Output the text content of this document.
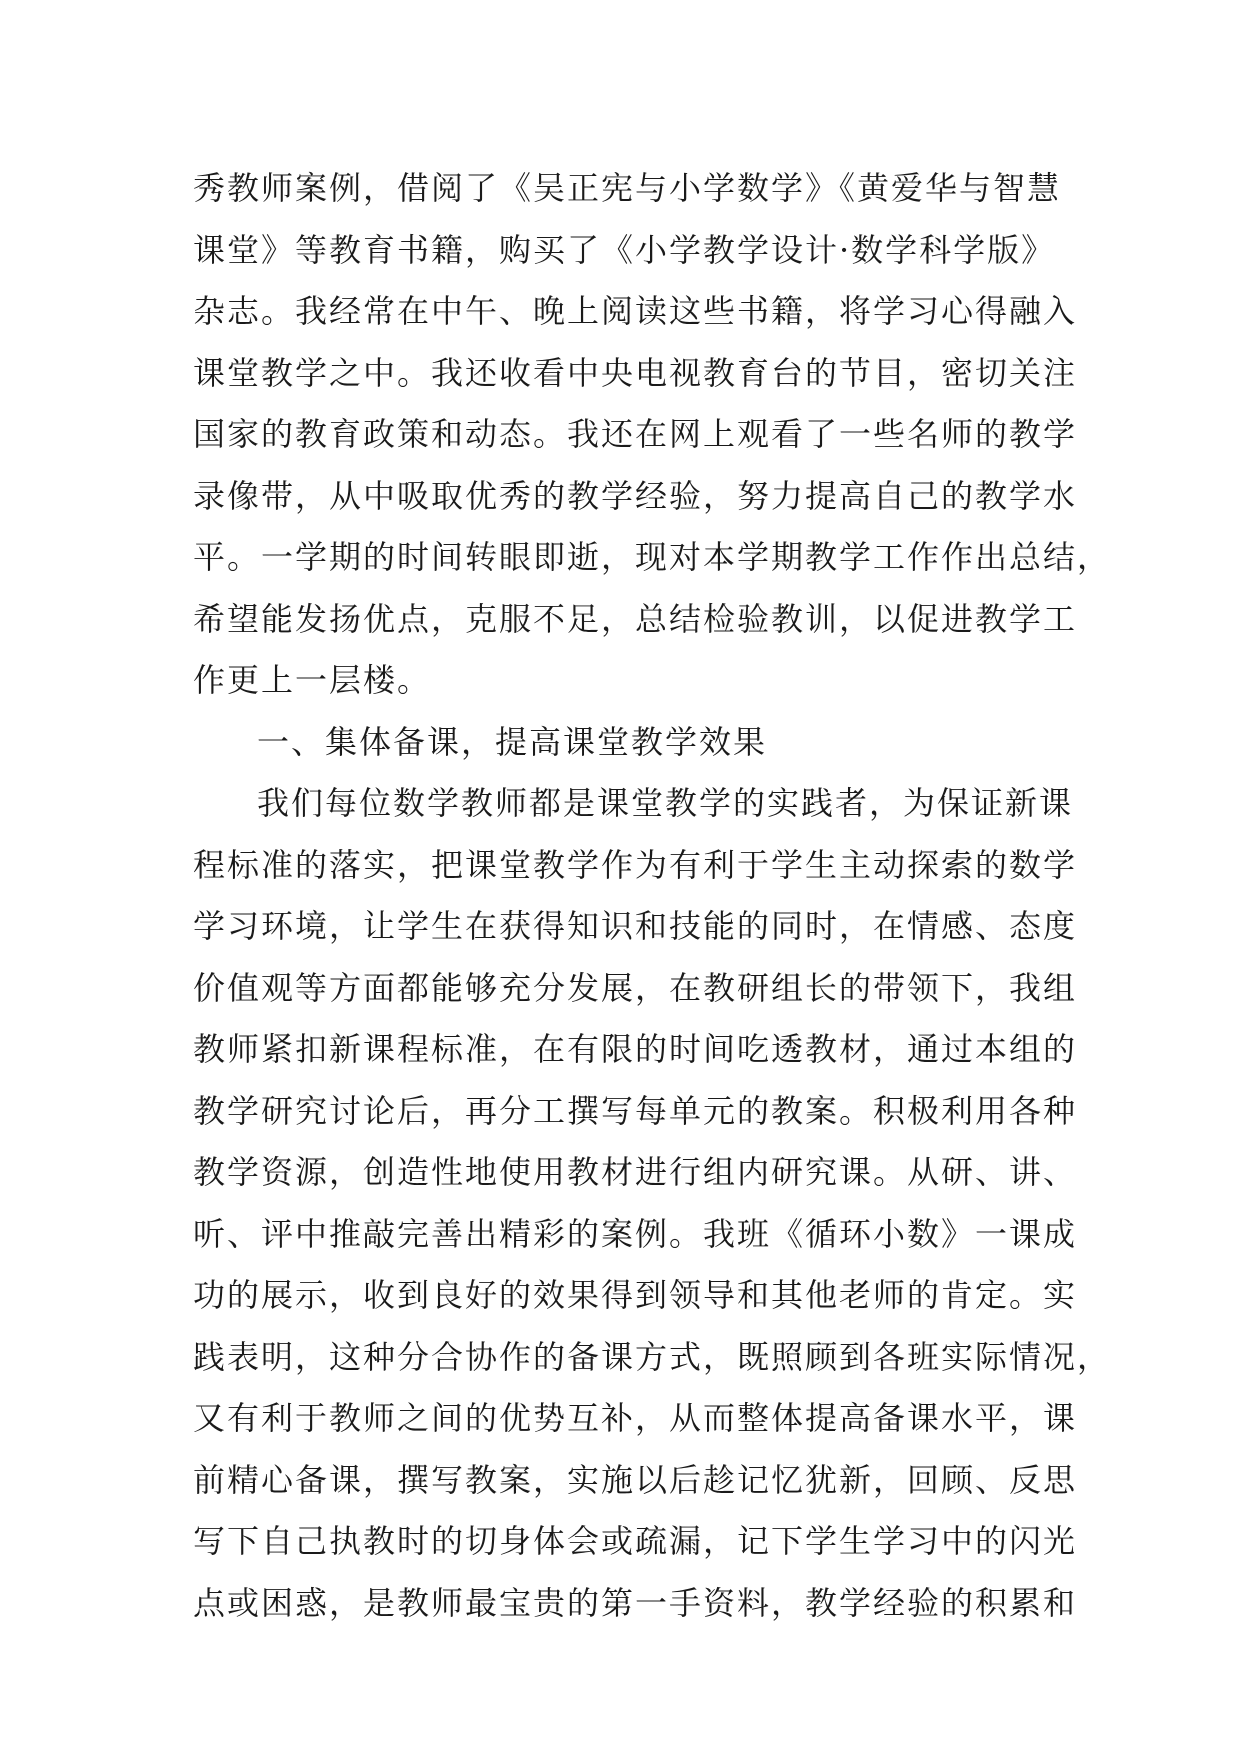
秀教师案例，借阅了《吴正宪与小学数学》《黄爱华与智慧
课堂》等教育书籍，购买了《小学教学设计·数学科学版》
杂志。我经常在中午、晚上阅读这些书籍，将学习心得融入
课堂教学之中。我还收看中央电视教育台的节目，密切关注
国家的教育政策和动态。我还在网上观看了一些名师的教学
录像带，从中吸取优秀的教学经验，努力提高自己的教学水
平。一学期的时间转眼即逝，现对本学期教学工作作出总结，
希望能发扬优点，克服不足，总结检验教训，以促进教学工
作更上一层楼。
一、集体备课，提高课堂教学效果
我们每位数学教师都是课堂教学的实践者，为保证新课
程标准的落实，把课堂教学作为有利于学生主动探索的数学
学习环境，让学生在获得知识和技能的同时，在情感、态度
价值观等方面都能够充分发展，在教研组长的带领下，我组
教师紧扣新课程标准，在有限的时间吃透教材，通过本组的
教学研究讨论后，再分工撰写每单元的教案。积极利用各种
教学资源，创造性地使用教材进行组内研究课。从研、讲、
听、评中推敲完善出精彩的案例。我班《循环小数》一课成
功的展示，收到良好的效果得到领导和其他老师的肯定。实
践表明，这种分合协作的备课方式，既照顾到各班实际情况，
又有利于教师之间的优势互补，从而整体提高备课水平，课
前精心备课，撰写教案，实施以后趁记忆犹新，回顾、反思
写下自己执教时的切身体会或疏漏，记下学生学习中的闪光
点或困惑，是教师最宝贵的第一手资料，教学经验的积累和
